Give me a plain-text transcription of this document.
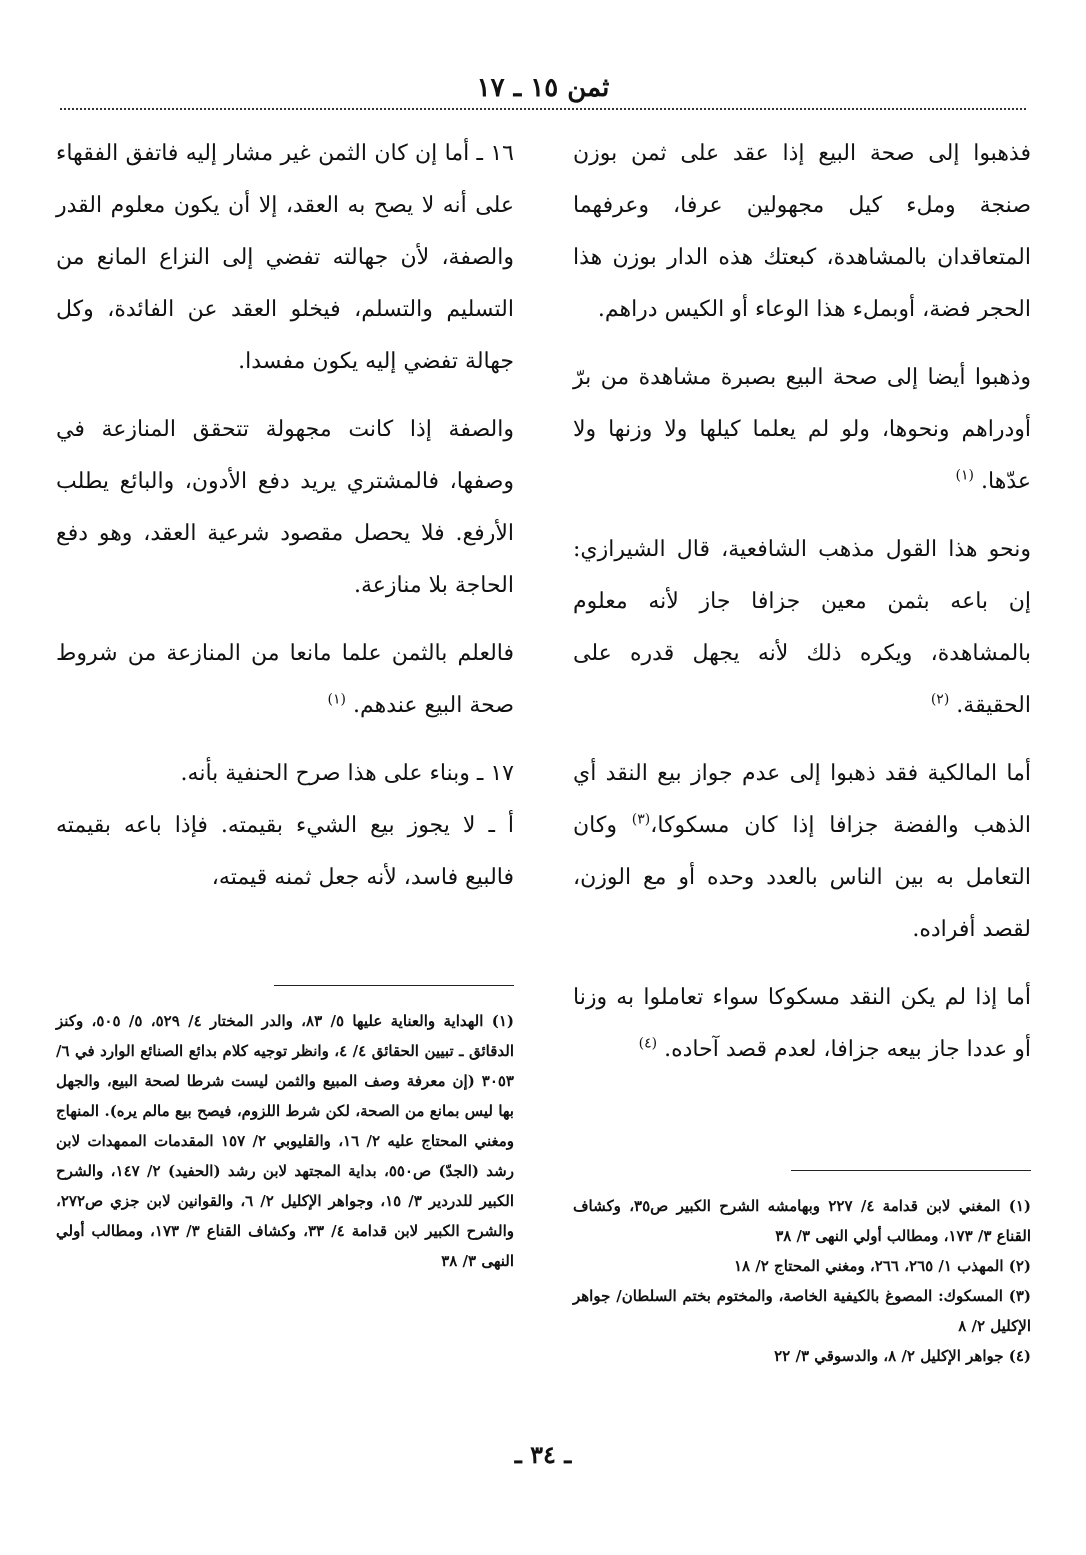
ثمن ١٥ ـ ١٧

فذهبوا إلى صحة البيع إذا عقد على ثمن بوزن صنجة وملء كيل مجهولين عرفا، وعرفهما المتعاقدان بالمشاهدة، كبعتك هذه الدار بوزن هذا الحجر فضة، أوبملء هذا الوعاء أو الكيس دراهم.

وذهبوا أيضا إلى صحة البيع بصبرة مشاهدة من برّ أودراهم ونحوها، ولو لم يعلما كيلها ولا وزنها ولا عدّها. $^{(١)}$

ونحو هذا القول مذهب الشافعية، قال الشيرازي: إن باعه بثمن معين جزافا جاز لأنه معلوم بالمشاهدة، ويكره ذلك لأنه يجهل قدره على الحقيقة. $^{(٢)}$

أما المالكية فقد ذهبوا إلى عدم جواز بيع النقد أي الذهب والفضة جزافا إذا كان مسكوكا،$^{(٣)}$ وكان التعامل به بين الناس بالعدد وحده أو مع الوزن، لقصد أفراده.

أما إذا لم يكن النقد مسكوكا سواء تعاملوا به وزنا أو عددا جاز بيعه جزافا، لعدم قصد آحاده. $^{(٤)}$

(١) المغني لابن قدامة ٤/ ٢٢٧ وبهامشه الشرح الكبير ص٣٥، وكشاف القناع ٣/ ١٧٣، ومطالب أولي النهى ٣/ ٣٨

(٢) المهذب ١/ ٢٦٥، ٢٦٦، ومغني المحتاج ٢/ ١٨

(٣) المسكوك: المصوغ بالكيفية الخاصة، والمختوم بختم السلطان/ جواهر الإكليل ٢/ ٨

(٤) جواهر الإكليل ٢/ ٨، والدسوقي ٣/ ٢٢

١٦ ـ أما إن كان الثمن غير مشار إليه فاتفق الفقهاء على أنه لا يصح به العقد، إلا أن يكون معلوم القدر والصفة، لأن جهالته تفضي إلى النزاع المانع من التسليم والتسلم، فيخلو العقد عن الفائدة، وكل جهالة تفضي إليه يكون مفسدا.

والصفة إذا كانت مجهولة تتحقق المنازعة في وصفها، فالمشتري يريد دفع الأدون، والبائع يطلب الأرفع. فلا يحصل مقصود شرعية العقد، وهو دفع الحاجة بلا منازعة.

فالعلم بالثمن علما مانعا من المنازعة من شروط صحة البيع عندهم. $^{(١)}$

١٧ ـ وبناء على هذا صرح الحنفية بأنه.

أ ـ لا يجوز بيع الشيء بقيمته. فإذا باعه بقيمته فالبيع فاسد، لأنه جعل ثمنه قيمته،

(١) الهداية والعناية عليها ٥/ ٨٣، والدر المختار ٤/ ٥٢٩، ٥/ ٥٠٥، وكنز الدقائق ـ تبيين الحقائق ٤/ ٤، وانظر توجيه كلام بدائع الصنائع الوارد في ٦/ ٣٠٥٣ (إن معرفة وصف المبيع والثمن ليست شرطا لصحة البيع، والجهل بها ليس بمانع من الصحة، لكن شرط اللزوم، فيصح بيع مالم يره). المنهاج ومغني المحتاج عليه ٢/ ١٦، والقليوبي ٢/ ١٥٧ المقدمات الممهدات لابن رشد (الجدّ) ص٥٥٠، بداية المجتهد لابن رشد (الحفيد) ٢/ ١٤٧، والشرح الكبير للدردير ٣/ ١٥، وجواهر الإكليل ٢/ ٦، والقوانين لابن جزي ص٢٧٢، والشرح الكبير لابن قدامة ٤/ ٣٣، وكشاف القناع ٣/ ١٧٣، ومطالب أولي النهى ٣/ ٣٨

ـ ٣٤ ـ
